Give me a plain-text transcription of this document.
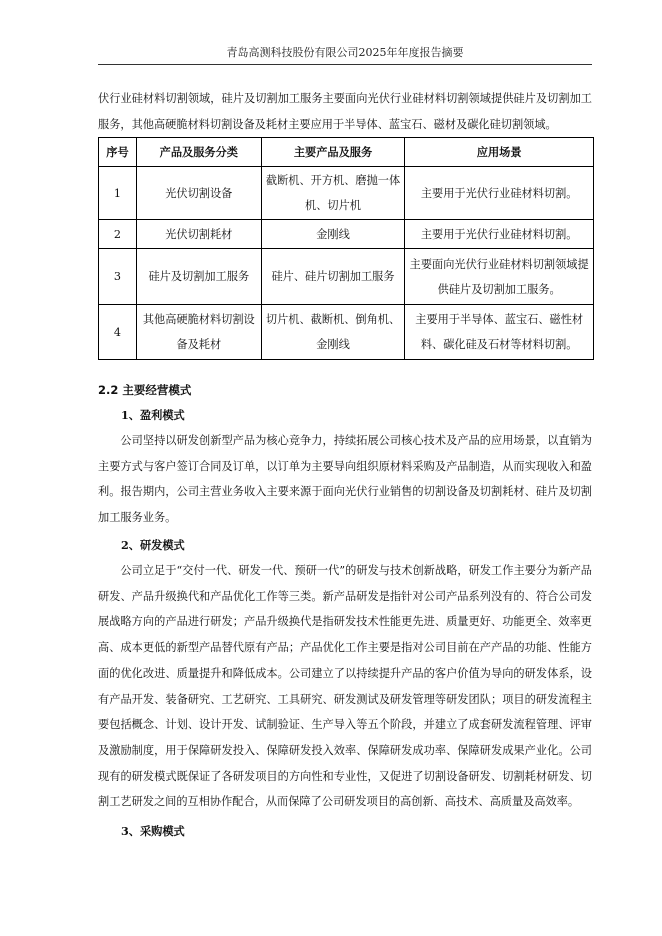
青岛高测科技股份有限公司2025年年度报告摘要

伏行业硅材料切割领域，硅片及切割加工服务主要面向光伏行业硅材料切割领域提供硅片及切割加工服务，其他高硬脆材料切割设备及耗材主要应用于半导体、蓝宝石、磁材及碳化硅切割领域。

序号	产品及服务分类	主要产品及服务	应用场景
1	光伏切割设备	截断机、开方机、磨抛一体机、切片机	主要用于光伏行业硅材料切割。
2	光伏切割耗材	金刚线	主要用于光伏行业硅材料切割。
3	硅片及切割加工服务	硅片、硅片切割加工服务	主要面向光伏行业硅材料切割领域提供硅片及切割加工服务。
4	其他高硬脆材料切割设备及耗材	切片机、截断机、倒角机、金刚线	主要用于半导体、蓝宝石、磁性材料、碳化硅及石材等材料切割。
2.2 主要经营模式
1、盈利模式

公司坚持以研发创新型产品为核心竞争力，持续拓展公司核心技术及产品的应用场景，以直销为主要方式与客户签订合同及订单，以订单为主要导向组织原材料采购及产品制造，从而实现收入和盈利。报告期内，公司主营业务收入主要来源于面向光伏行业销售的切割设备及切割耗材、硅片及切割加工服务业务。

2、研发模式

公司立足于“交付一代、研发一代、预研一代”的研发与技术创新战略，研发工作主要分为新产品研发、产品升级换代和产品优化工作等三类。新产品研发是指针对公司产品系列没有的、符合公司发展战略方向的产品进行研发；产品升级换代是指研发技术性能更先进、质量更好、功能更全、效率更高、成本更低的新型产品替代原有产品；产品优化工作主要是指对公司目前在产产品的功能、性能方面的优化改进、质量提升和降低成本。公司建立了以持续提升产品的客户价值为导向的研发体系，设有产品开发、装备研究、工艺研究、工具研究、研发测试及研发管理等研发团队；项目的研发流程主要包括概念、计划、设计开发、试制验证、生产导入等五个阶段，并建立了成套研发流程管理、评审及激励制度，用于保障研发投入、保障研发投入效率、保障研发成功率、保障研发成果产业化。公司现有的研发模式既保证了各研发项目的方向性和专业性，又促进了切割设备研发、切割耗材研发、切割工艺研发之间的互相协作配合，从而保障了公司研发项目的高创新、高技术、高质量及高效率。

3、采购模式
